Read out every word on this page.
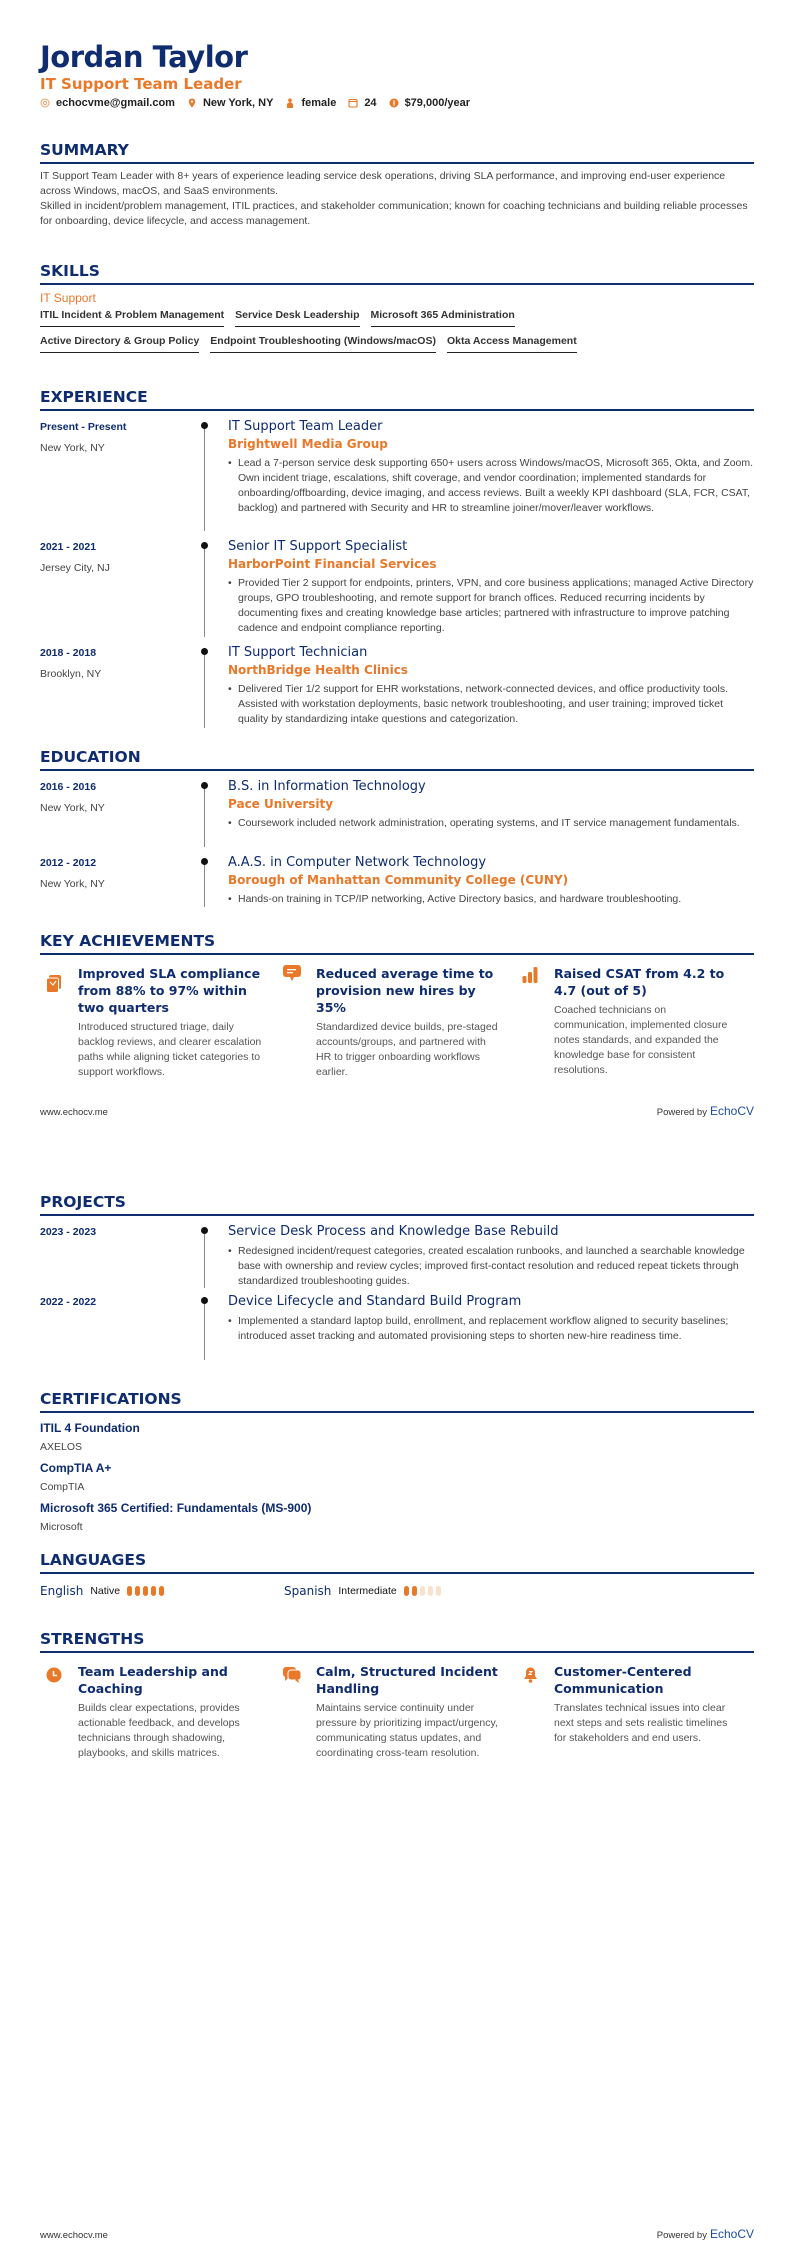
Jordan Taylor
IT Support Team Leader
echocvme@gmail.com	New York, NY	female	24	$79,000/year
SUMMARY

IT Support Team Leader with 8+ years of experience leading service desk operations, driving SLA performance, and improving end-user experience across Windows, macOS, and SaaS environments.

Skilled in incident/problem management, ITIL practices, and stakeholder communication; known for coaching technicians and building reliable processes for onboarding, device lifecycle, and access management.

SKILLS
IT Support
ITIL Incident & Problem Management Service Desk Leadership Microsoft 365 Administration
Active Directory & Group Policy Endpoint Troubleshooting (Windows/macOS) Okta Access Management
EXPERIENCE
Present - Present
New York, NY
IT Support Team Leader
Brightwell Media Group
• Lead a 7-person service desk supporting 650+ users across Windows/macOS, Microsoft 365, Okta, and Zoom. Own incident triage, escalations, shift coverage, and vendor coordination; implemented standards for onboarding/offboarding, device imaging, and access reviews. Built a weekly KPI dashboard (SLA, FCR, CSAT, backlog) and partnered with Security and HR to streamline joiner/mover/leaver workflows.
2021 - 2021
Jersey City, NJ
Senior IT Support Specialist
HarborPoint Financial Services
• Provided Tier 2 support for endpoints, printers, VPN, and core business applications; managed Active Directory groups, GPO troubleshooting, and remote support for branch offices. Reduced recurring incidents by documenting fixes and creating knowledge base articles; partnered with infrastructure to improve patching cadence and endpoint compliance reporting.
2018 - 2018
Brooklyn, NY
IT Support Technician
NorthBridge Health Clinics
• Delivered Tier 1/2 support for EHR workstations, network-connected devices, and office productivity tools. Assisted with workstation deployments, basic network troubleshooting, and user training; improved ticket quality by standardizing intake questions and categorization.
EDUCATION
2016 - 2016
New York, NY
B.S. in Information Technology
Pace University
• Coursework included network administration, operating systems, and IT service management fundamentals.
2012 - 2012
New York, NY
A.A.S. in Computer Network Technology
Borough of Manhattan Community College (CUNY)
• Hands-on training in TCP/IP networking, Active Directory basics, and hardware troubleshooting.
KEY ACHIEVEMENTS
Improved SLA compliance from 88% to 97% within two quarters
Introduced structured triage, daily backlog reviews, and clearer escalation paths while aligning ticket categories to support workflows.
Reduced average time to provision new hires by 35%
Standardized device builds, pre-staged accounts/groups, and partnered with HR to trigger onboarding workflows earlier.
Raised CSAT from 4.2 to 4.7 (out of 5)
Coached technicians on communication, implemented closure notes standards, and expanded the knowledge base for consistent resolutions.
www.echocv.me	Powered by EchoCV
PROJECTS
2023 - 2023	Service Desk Process and Knowledge Base Rebuild
• Redesigned incident/request categories, created escalation runbooks, and launched a searchable knowledge base with ownership and review cycles; improved first-contact resolution and reduced repeat tickets through standardized troubleshooting guides.
2022 - 2022	Device Lifecycle and Standard Build Program
• Implemented a standard laptop build, enrollment, and replacement workflow aligned to security baselines; introduced asset tracking and automated provisioning steps to shorten new-hire readiness time.
CERTIFICATIONS
ITIL 4 Foundation
AXELOS
CompTIA A+
CompTIA
Microsoft 365 Certified: Fundamentals (MS-900)
Microsoft
LANGUAGES
English Native	Spanish Intermediate
STRENGTHS
Team Leadership and Coaching
Builds clear expectations, provides actionable feedback, and develops technicians through shadowing, playbooks, and skills matrices.
Calm, Structured Incident Handling
Maintains service continuity under pressure by prioritizing impact/urgency, communicating status updates, and coordinating cross-team resolution.
Customer-Centered Communication
Translates technical issues into clear next steps and sets realistic timelines for stakeholders and end users.
www.echocv.me	Powered by EchoCV
